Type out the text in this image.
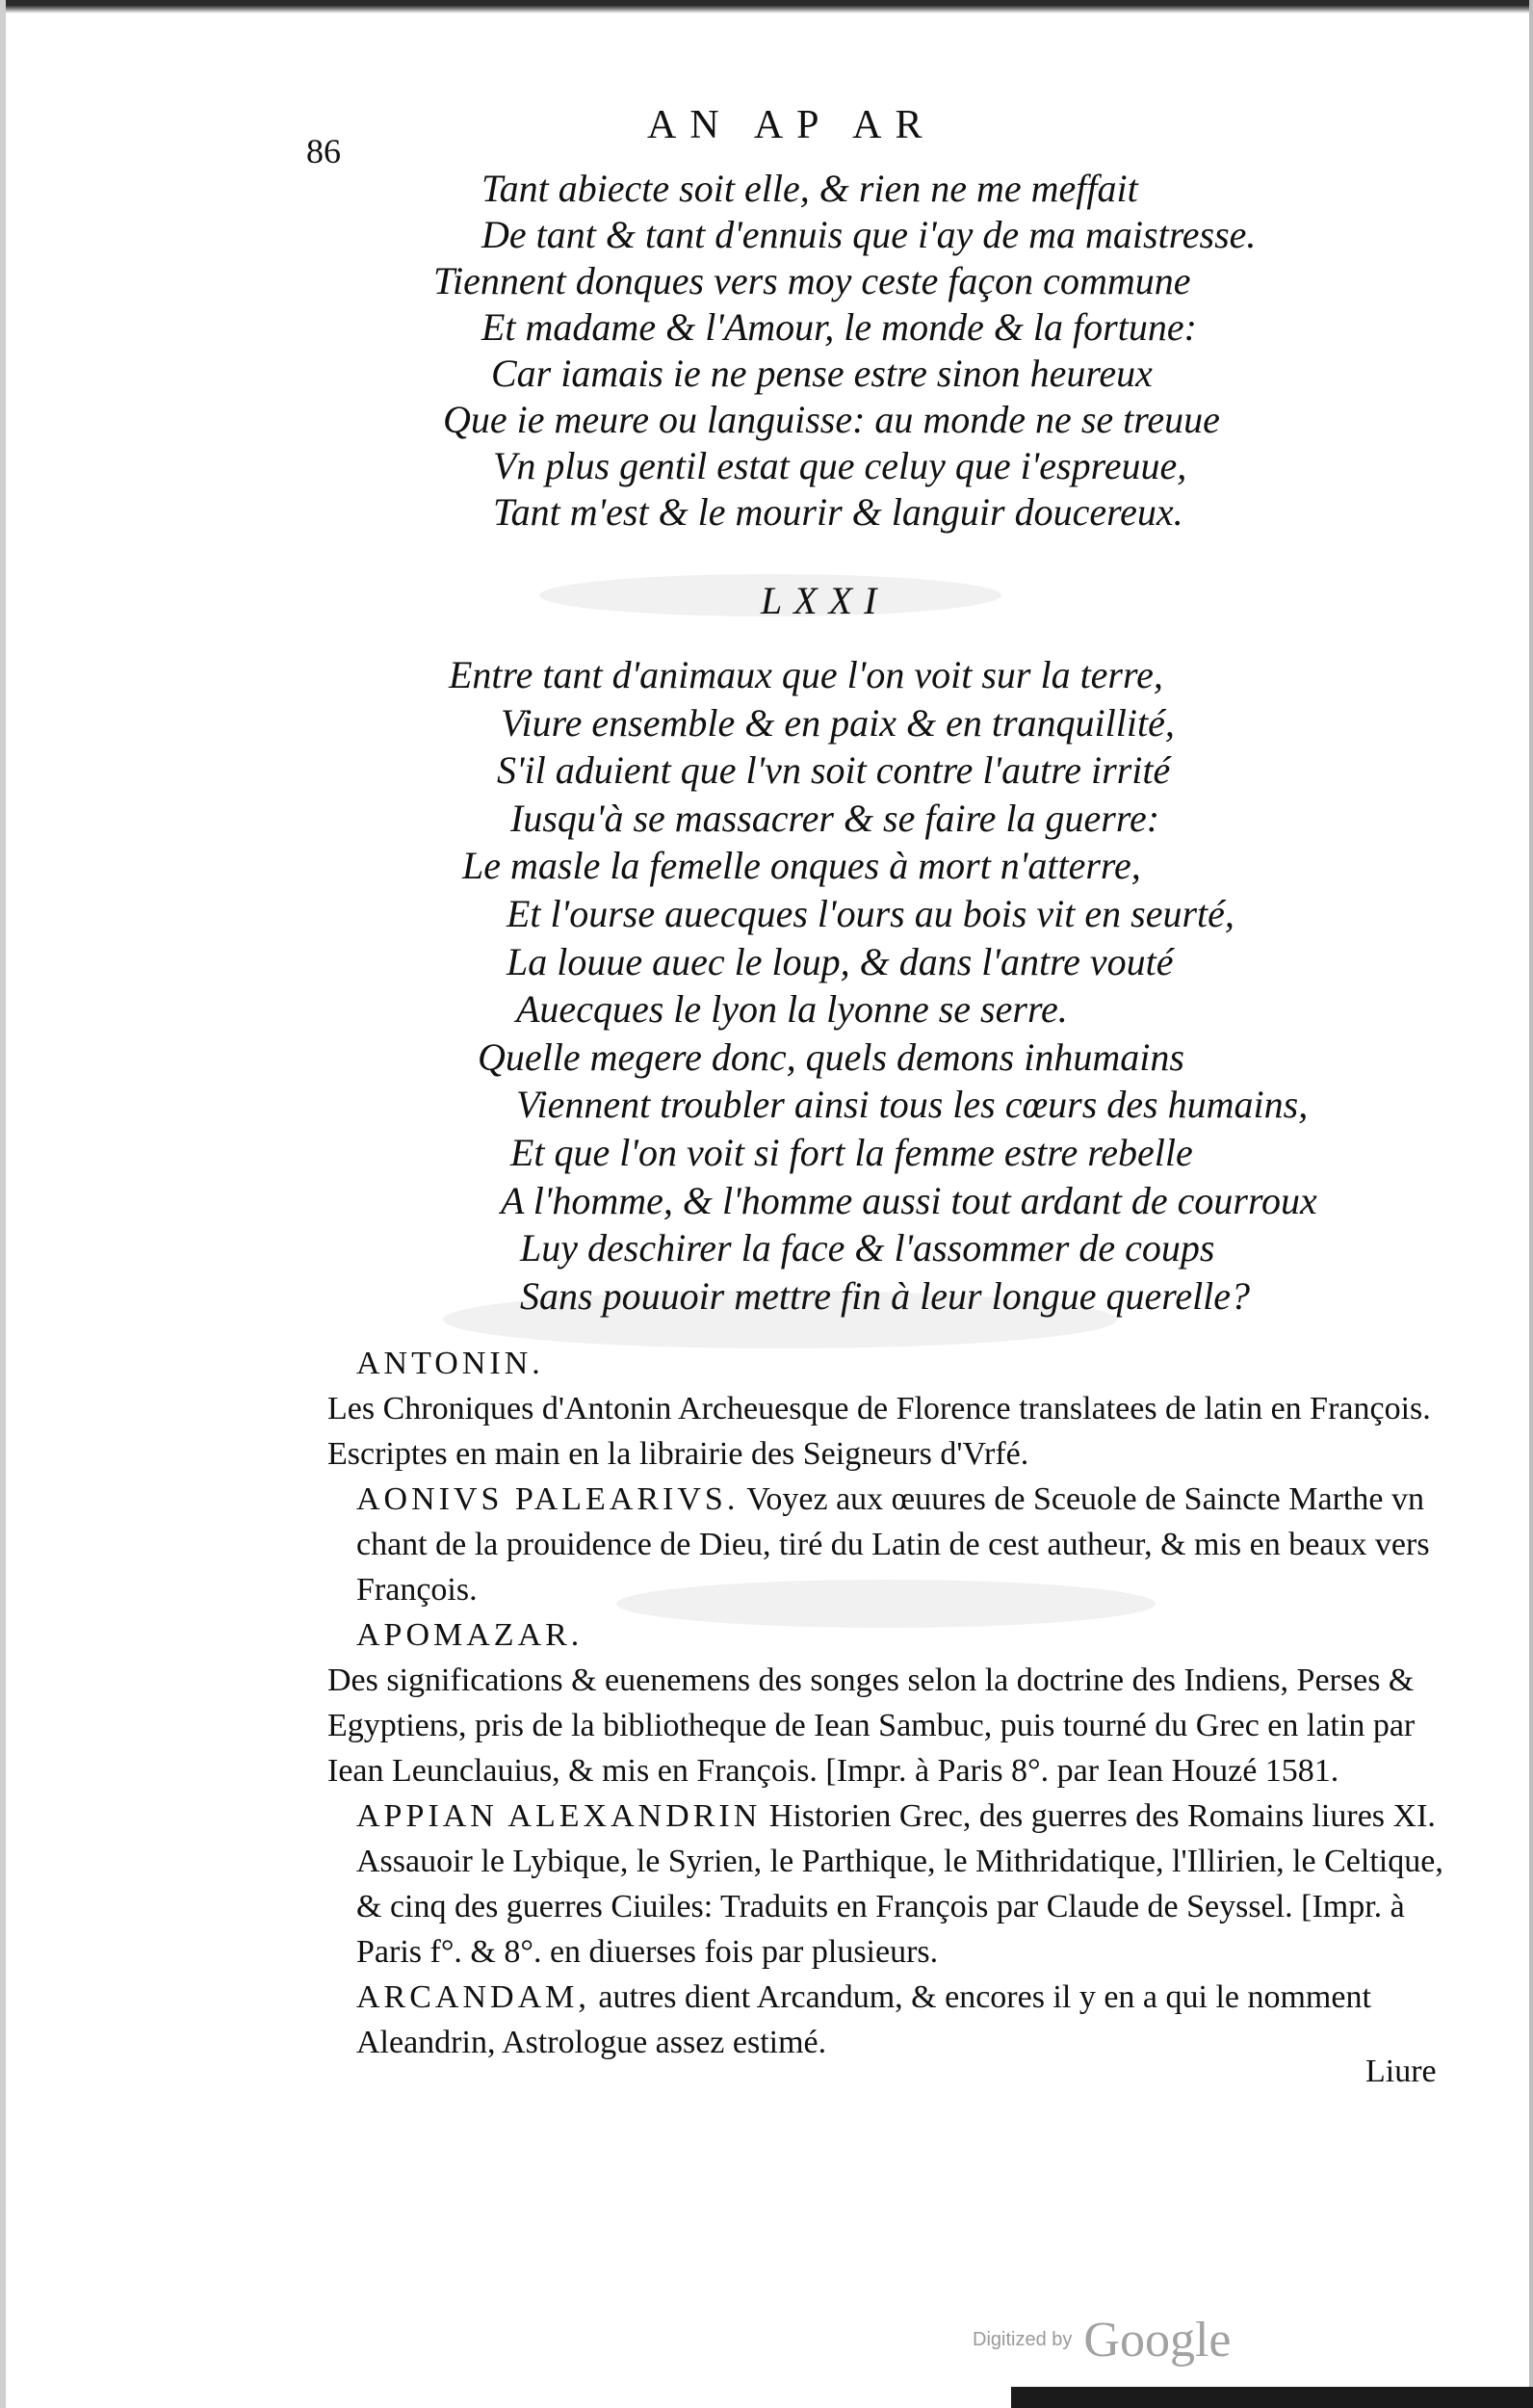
86
AN AP AR
Tant abiecte soit elle, & rien ne me meffait
De tant & tant d'ennuis que i'ay de ma maistresse.
Tiennent donques vers moy ceste façon commune
Et madame & l'Amour, le monde & la fortune:
Car iamais ie ne pense estre sinon heureux
Que ie meure ou languisse: au monde ne se treuue
Vn plus gentil estat que celuy que i'espreuue,
Tant m'est & le mourir & languir doucereux.
LXXI
Entre tant d'animaux que l'on voit sur la terre,
Viure ensemble & en paix & en tranquillité,
S'il aduient que l'vn soit contre l'autre irrité
Iusqu'à se massacrer & se faire la guerre:
Le masle la femelle onques à mort n'atterre,
Et l'ourse auecques l'ours au bois vit en seurté,
La louue auec le loup, & dans l'antre vouté
Auecques le lyon la lyonne se serre.
Quelle megere donc, quels demons inhumains
Viennent troubler ainsi tous les cœurs des humains,
Et que l'on voit si fort la femme estre rebelle
A l'homme, & l'homme aussi tout ardant de courroux
Luy deschirer la face & l'assommer de coups
Sans pouuoir mettre fin à leur longue querelle?

ANTONIN.

Les Chroniques d'Antonin Archeuesque de Florence translatees de latin en François. Escriptes en main en la librairie des Seigneurs d'Vrfé.

AONIVS PALEARIVS. Voyez aux œuures de Sceuole de Saincte Marthe vn chant de la prouidence de Dieu, tiré du Latin de cest autheur, & mis en beaux vers François.

APOMAZAR.

Des significations & euenemens des songes selon la doctrine des Indiens, Perses & Egyptiens, pris de la bibliotheque de Iean Sambuc, puis tourné du Grec en latin par Iean Leunclauius, & mis en François. [Impr. à Paris 8°. par Iean Houzé 1581.

APPIAN ALEXANDRIN Historien Grec, des guerres des Romains liures XI. Assauoir le Lybique, le Syrien, le Parthique, le Mithridatique, l'Illirien, le Celtique, & cinq des guerres Ciuiles: Traduits en François par Claude de Seyssel. [Impr. à Paris f°. & 8°. en diuerses fois par plusieurs.

ARCANDAM, autres dient Arcandum, & encores il y en a qui le nomment Aleandrin, Astrologue assez estimé.

Liure
Digitized by Google
